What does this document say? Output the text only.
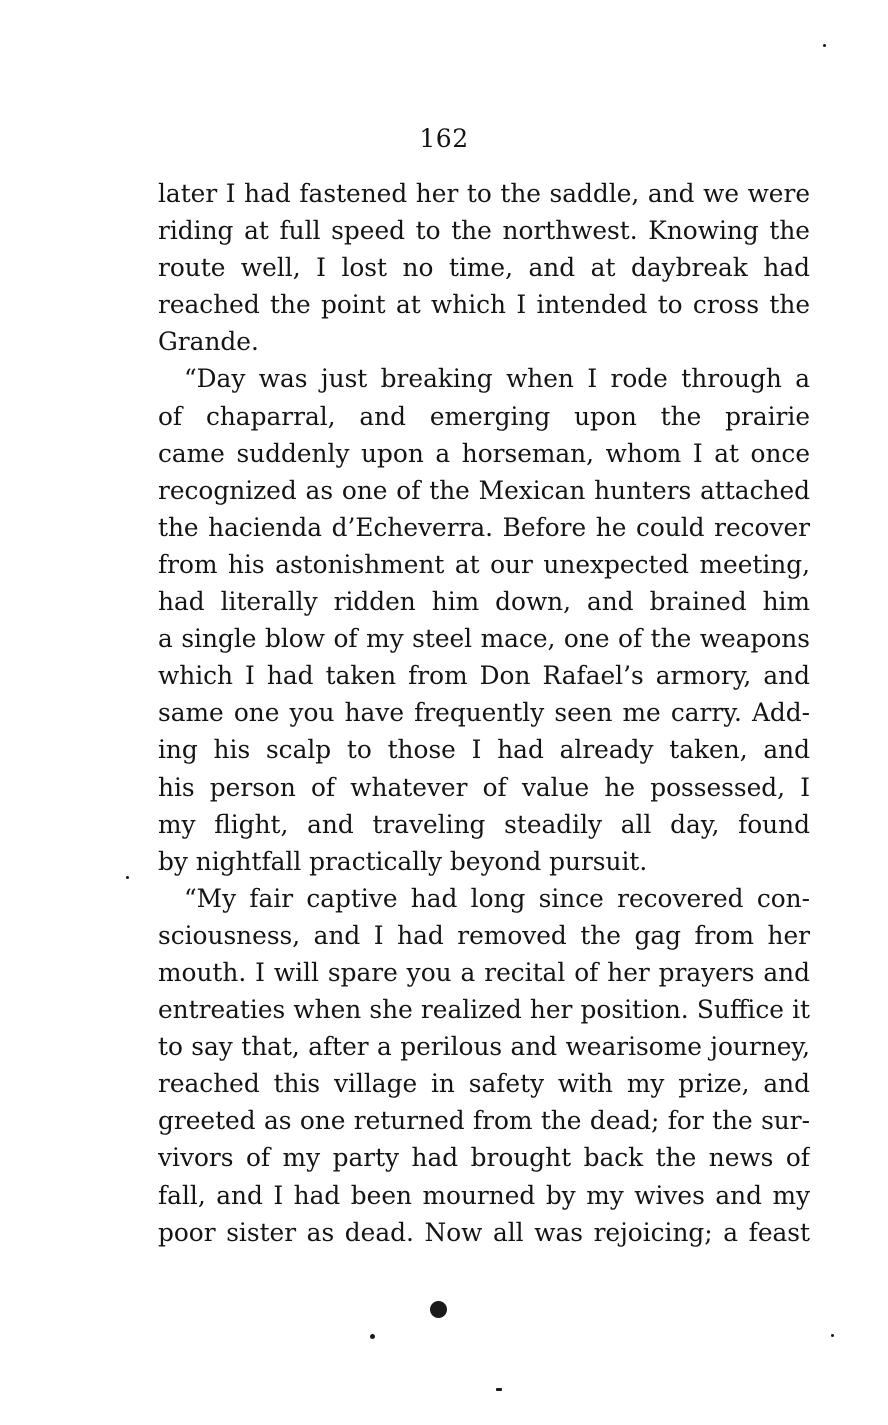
162
later I had fastened her to the saddle, and we were
riding at full speed to the northwest. Knowing the
route well, I lost no time, and at daybreak had
reached the point at which I intended to cross the
Grande.
“Day was just breaking when I rode through a
of chaparral, and emerging upon the prairie
came suddenly upon a horseman, whom I at once
recognized as one of the Mexican hunters attached
the hacienda d’Echeverra. Before he could recover
from his astonishment at our unexpected meeting,
had literally ridden him down, and brained him
a single blow of my steel mace, one of the weapons
which I had taken from Don Rafael’s armory, and
same one you have frequently seen me carry. Add-
ing his scalp to those I had already taken, and
his person of whatever of value he possessed, I
my flight, and traveling steadily all day, found
by nightfall practically beyond pursuit.
“My fair captive had long since recovered con-
sciousness, and I had removed the gag from her
mouth. I will spare you a recital of her prayers and
entreaties when she realized her position. Suffice it
to say that, after a perilous and wearisome journey,
reached this village in safety with my prize, and
greeted as one returned from the dead; for the sur-
vivors of my party had brought back the news of
fall, and I had been mourned by my wives and my
poor sister as dead. Now all was rejoicing; a feast
